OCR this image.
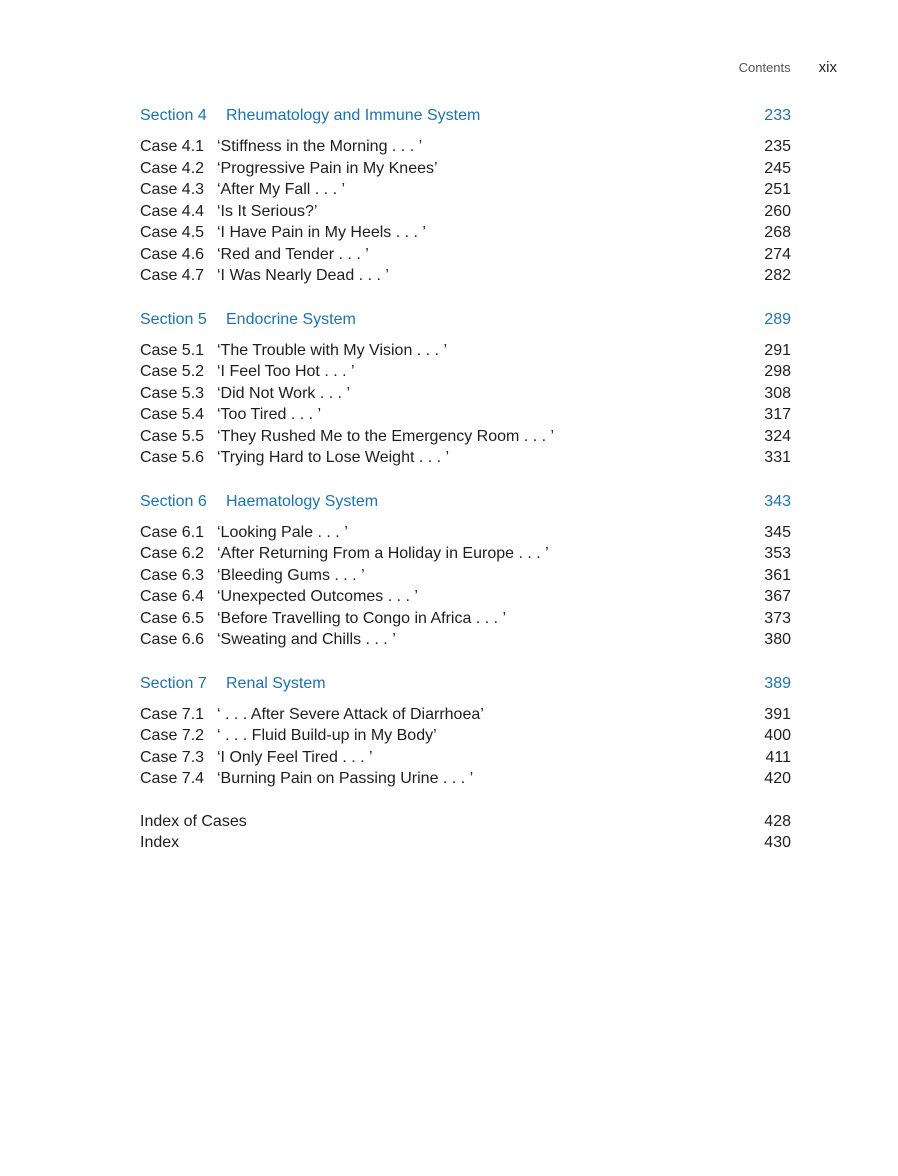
Contents xix
Section 4	Rheumatology and Immune System	233
Case 4.1 ‘Stiffness in the Morning . . . ’	235
Case 4.2 ‘Progressive Pain in My Knees’	245
Case 4.3 ‘After My Fall . . . ’	251
Case 4.4 ‘Is It Serious?’	260
Case 4.5 ‘I Have Pain in My Heels . . . ’	268
Case 4.6 ‘Red and Tender . . . ’	274
Case 4.7 ‘I Was Nearly Dead . . . ’	282
Section 5	Endocrine System	289
Case 5.1 ‘The Trouble with My Vision . . . ’	291
Case 5.2 ‘I Feel Too Hot . . . ’	298
Case 5.3 ‘Did Not Work . . . ’	308
Case 5.4 ‘Too Tired . . . ’	317
Case 5.5 ‘They Rushed Me to the Emergency Room . . . ’	324
Case 5.6 ‘Trying Hard to Lose Weight . . . ’	331
Section 6	Haematology System	343
Case 6.1 ‘Looking Pale . . . ’	345
Case 6.2 ‘After Returning From a Holiday in Europe . . . ’	353
Case 6.3 ‘Bleeding Gums . . . ’	361
Case 6.4 ‘Unexpected Outcomes . . . ’	367
Case 6.5 ‘Before Travelling to Congo in Africa . . . ’	373
Case 6.6 ‘Sweating and Chills . . . ’	380
Section 7	Renal System	389
Case 7.1 ‘ . . . After Severe Attack of Diarrhoea’	391
Case 7.2 ‘ . . . Fluid Build-up in My Body’	400
Case 7.3 ‘I Only Feel Tired . . . ’	411
Case 7.4 ‘Burning Pain on Passing Urine . . . ’	420
Index of Cases	428
Index	430
